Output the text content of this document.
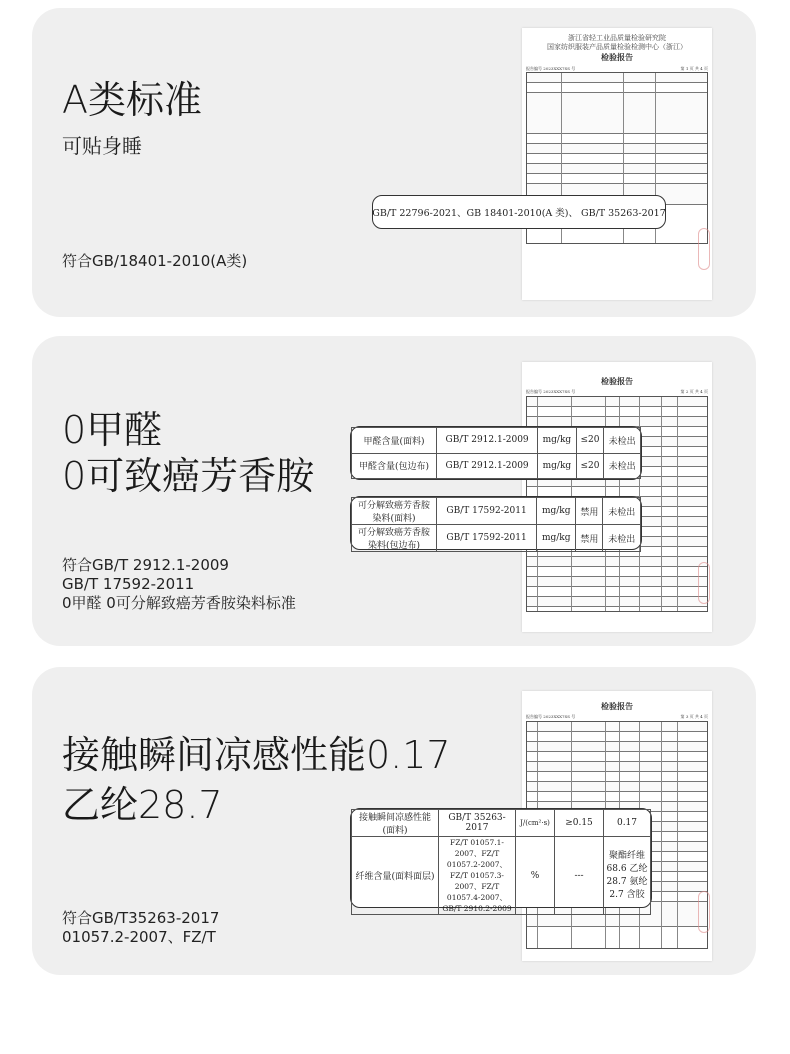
A类标准
可贴身睡
符合GB/18401-2010(A类)
浙江省轻工业品质量检验研究院
国家纺织服装产品质量检验检测中心（浙江）
检验报告
报告编号 2023XXX7SS 号	第 1 页 共 4 页
GB/T 22796-2021、GB 18401-2010(A 类)、 GB/T 35263-2017
0甲醛
0可致癌芳香胺
符合GB/T 2912.1-2009
GB/T 17592-2011
0甲醛 0可分解致癌芳香胺染料标准
检验报告
报告编号 2023XXX7SS 号	第 2 页 共 4 页
甲醛含量(面料)	GB/T 2912.1-2009	mg/kg	≤20	未检出
甲醛含量(包边布)	GB/T 2912.1-2009	mg/kg	≤20	未检出
可分解致癌芳香胺染料(面料)	GB/T 17592-2011	mg/kg	禁用	未检出
可分解致癌芳香胺染料(包边布)	GB/T 17592-2011	mg/kg	禁用	未检出
接触瞬间凉感性能0.17
乙纶28.7
符合GB/T35263-2017
01057.2-2007、FZ/T
检验报告
报告编号 2023XXX7SS 号	第 3 页 共 4 页
接触瞬间凉感性能(面料)	GB/T 35263-2017	J/(cm²·s)	≥0.15	0.17
纤维含量(面料面层)	FZ/T 01057.1-2007、FZ/T 01057.2-2007、FZ/T 01057.3-2007、FZ/T 01057.4-2007、GB/T 2910.2-2009	%	---	聚酯纤维 68.6 乙纶 28.7 氨纶 2.7 含胶
